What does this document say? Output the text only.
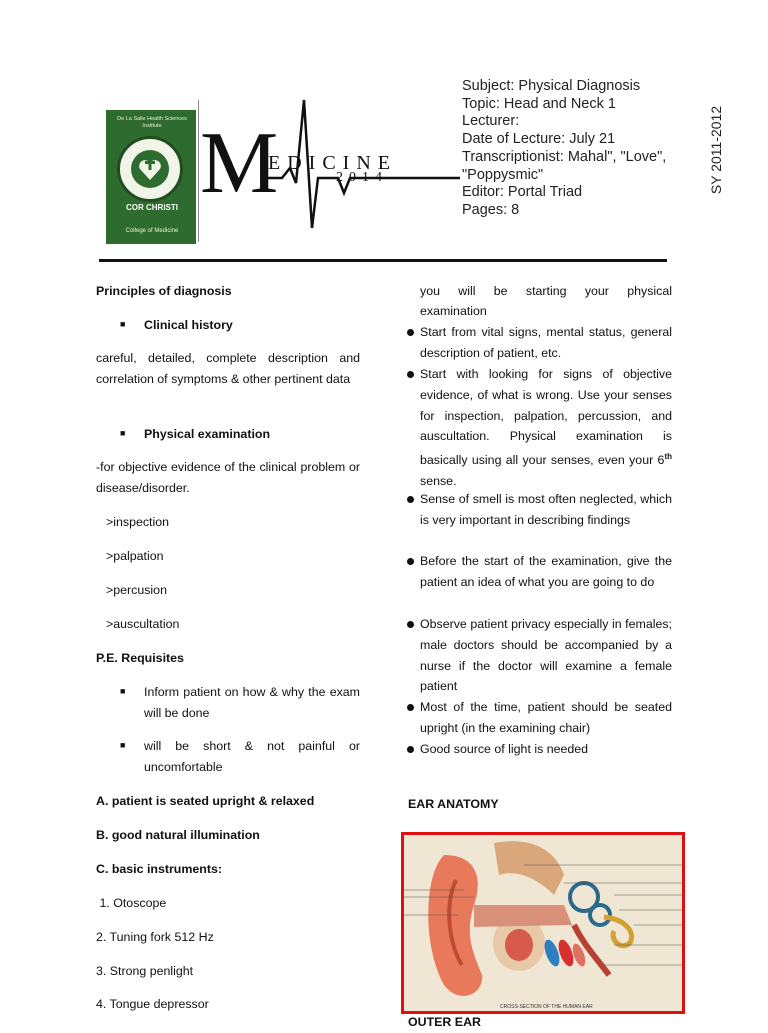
De La Salle Health Sciences Institute
COR CHRISTI
College of Medicine
M
EDICINE
2014
Subject: Physical Diagnosis
Topic: Head and Neck 1
Lecturer:
Date of Lecture: July 21
Transcriptionist: Mahal", "Love",
"Poppysmic"
Editor: Portal Triad
Pages: 8
SY 2011-2012
Principles of diagnosis
■ Clinical history
careful, detailed, complete description and correlation of symptoms & other pertinent data
■ Physical examination
-for objective evidence of the clinical problem or disease/disorder.
>inspection
>palpation
>percusion
>auscultation
P.E. Requisites
■ Inform patient on how & why the exam will be done
■ will be short & not painful or uncomfortable
A. patient is seated upright & relaxed
B. good natural illumination
C. basic instruments:
1. Otoscope
2. Tuning fork 512 Hz
3. Strong penlight
4. Tongue depressor
you will be starting your physical
examination
Start from vital signs, mental status, general description of patient, etc.
Start with looking for signs of objective evidence, of what is wrong. Use your senses for inspection, palpation, percussion, and auscultation. Physical examination is basically using all your senses, even your 6th sense.
Sense of smell is most often neglected, which is very important in describing findings
Before the start of the examination, give the patient an idea of what you are going to do
Observe patient privacy especially in females; male doctors should be accompanied by a nurse if the doctor will examine a female patient
Most of the time, patient should be seated upright (in the examining chair)
Good source of light is needed
EAR ANATOMY
CROSS-SECTION OF THE HUMAN EAR
OUTER EAR
